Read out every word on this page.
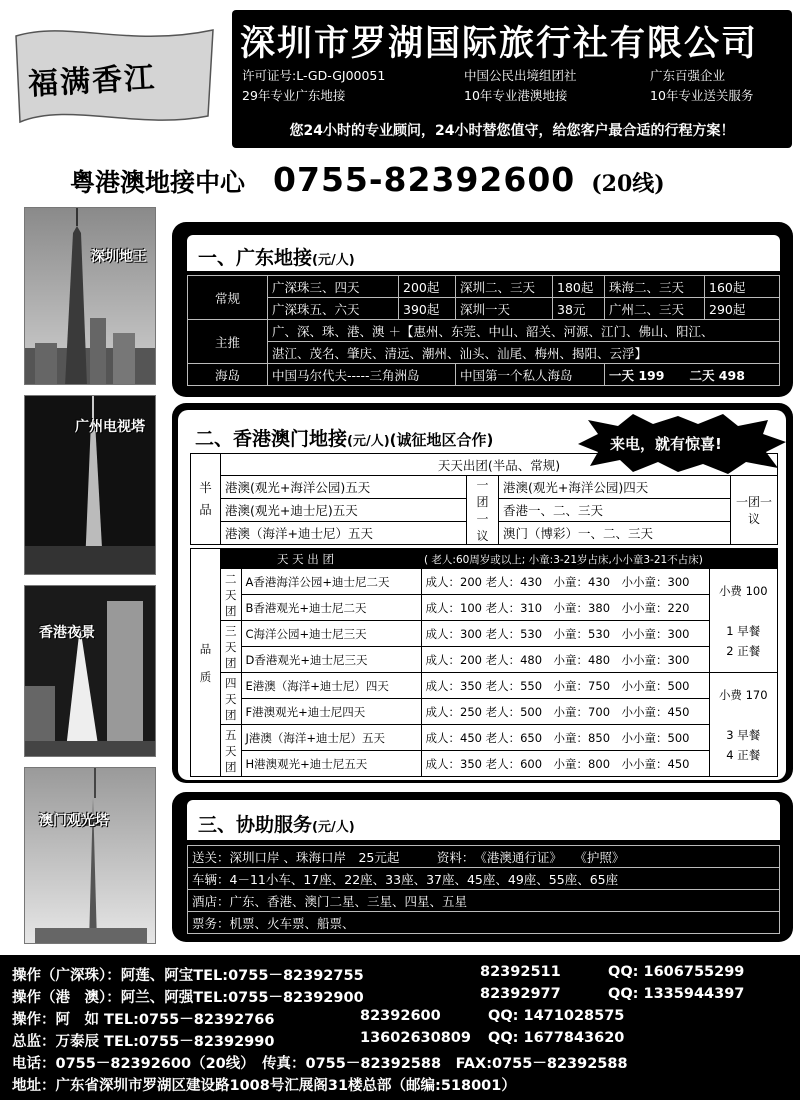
福满香江
深圳市罗湖国际旅行社有限公司
许可证号:L-GD-GJ00051	中国公民出境组团社	广东百强企业
29年专业广东地接	10年专业港澳地接	10年专业送关服务
您24小时的专业顾问，24小时替您值守，给您客户最合适的行程方案！
粤港澳地接中心 0755-82392600 (20线)
深圳地王
广州电视塔
香港夜景
澳门观光塔
一、广东地接(元/人)
常规	广深珠三、四天	200起	深圳二、三天	180起	珠海二、三天	160起
	广深珠五、六天	390起	深圳一天	38元	广州二、三天	290起
主推	广、深、珠、港、澳 ＋【惠州、东莞、中山、韶关、河源、江门、佛山、阳江、					
	湛江、茂名、肇庆、清远、潮州、汕头、汕尾、梅州、揭阳、云浮】					
海岛	中国马尔代夫-----三角洲岛		中国第一个私人海岛		一天 199　　二天 498	
二、香港澳门地接(元/人)(诚征地区合作)	来电，就有惊喜!
半品	天天出团(半品、常规)			
	港澳(观光+海洋公园)五天	一团一议	港澳(观光+海洋公园)四天	一团一议
	港澳(观光+迪士尼)五天		香港一、二、三天	
	港澳（海洋+迪士尼）五天		澳门（博彩）一、二、三天	
品质	天 天 出 团 ( 老人:60周岁或以上; 小童:3-21岁占床,小小童3-21不占床)			
	二天团	A香港海洋公园+迪士尼二天	成人：200 老人：430　小童：430　小小童：300	小费 100

1 早餐
2 正餐

		B香港观光+迪士尼二天	成人：100 老人：310　小童：380　小小童：220	
	三天团	C海洋公园+迪士尼三天	成人：300 老人：530　小童：530　小小童：300	
		D香港观光+迪士尼三天	成人：200 老人：480　小童：480　小小童：300	
	四天团	E港澳（海洋+迪士尼）四天	成人：350 老人：550　小童：750　小小童：500	小费 170

3 早餐
4 正餐

		F港澳观光+迪士尼四天	成人：250 老人：500　小童：700　小小童：450	
	五天团	J港澳（海洋+迪士尼）五天	成人：450 老人：650　小童：850　小小童：500	
		H港澳观光+迪士尼五天	成人：350 老人：600　小童：800　小小童：450	
三、协助服务(元/人)
送关：深圳口岸 、珠海口岸　25元起　　　资料：　《港澳通行证》　　《护照》
车辆：4－11小车、17座、22座、33座、37座、45座、49座、55座、65座
酒店：广东、香港、澳门二星、三星、四星、五星
票务：机票、火车票、船票、
操作（广深珠）：阿莲、阿宝TEL:0755－82392755	82392511	QQ: 1606755299
操作（港　澳）：阿兰、阿强TEL:0755－82392900	82392977	QQ: 1335944397
操作：阿　如 TEL:0755－82392766	82392600	QQ: 1471028575
总监：万泰辰 TEL:0755－82392990	13602630809 QQ: 1677843620
电话：0755－82392600（20线）　传真：0755－82392588　FAX:0755－82392588
地址：广东省深圳市罗湖区建设路1008号汇展阁31楼总部（邮编:518001）
